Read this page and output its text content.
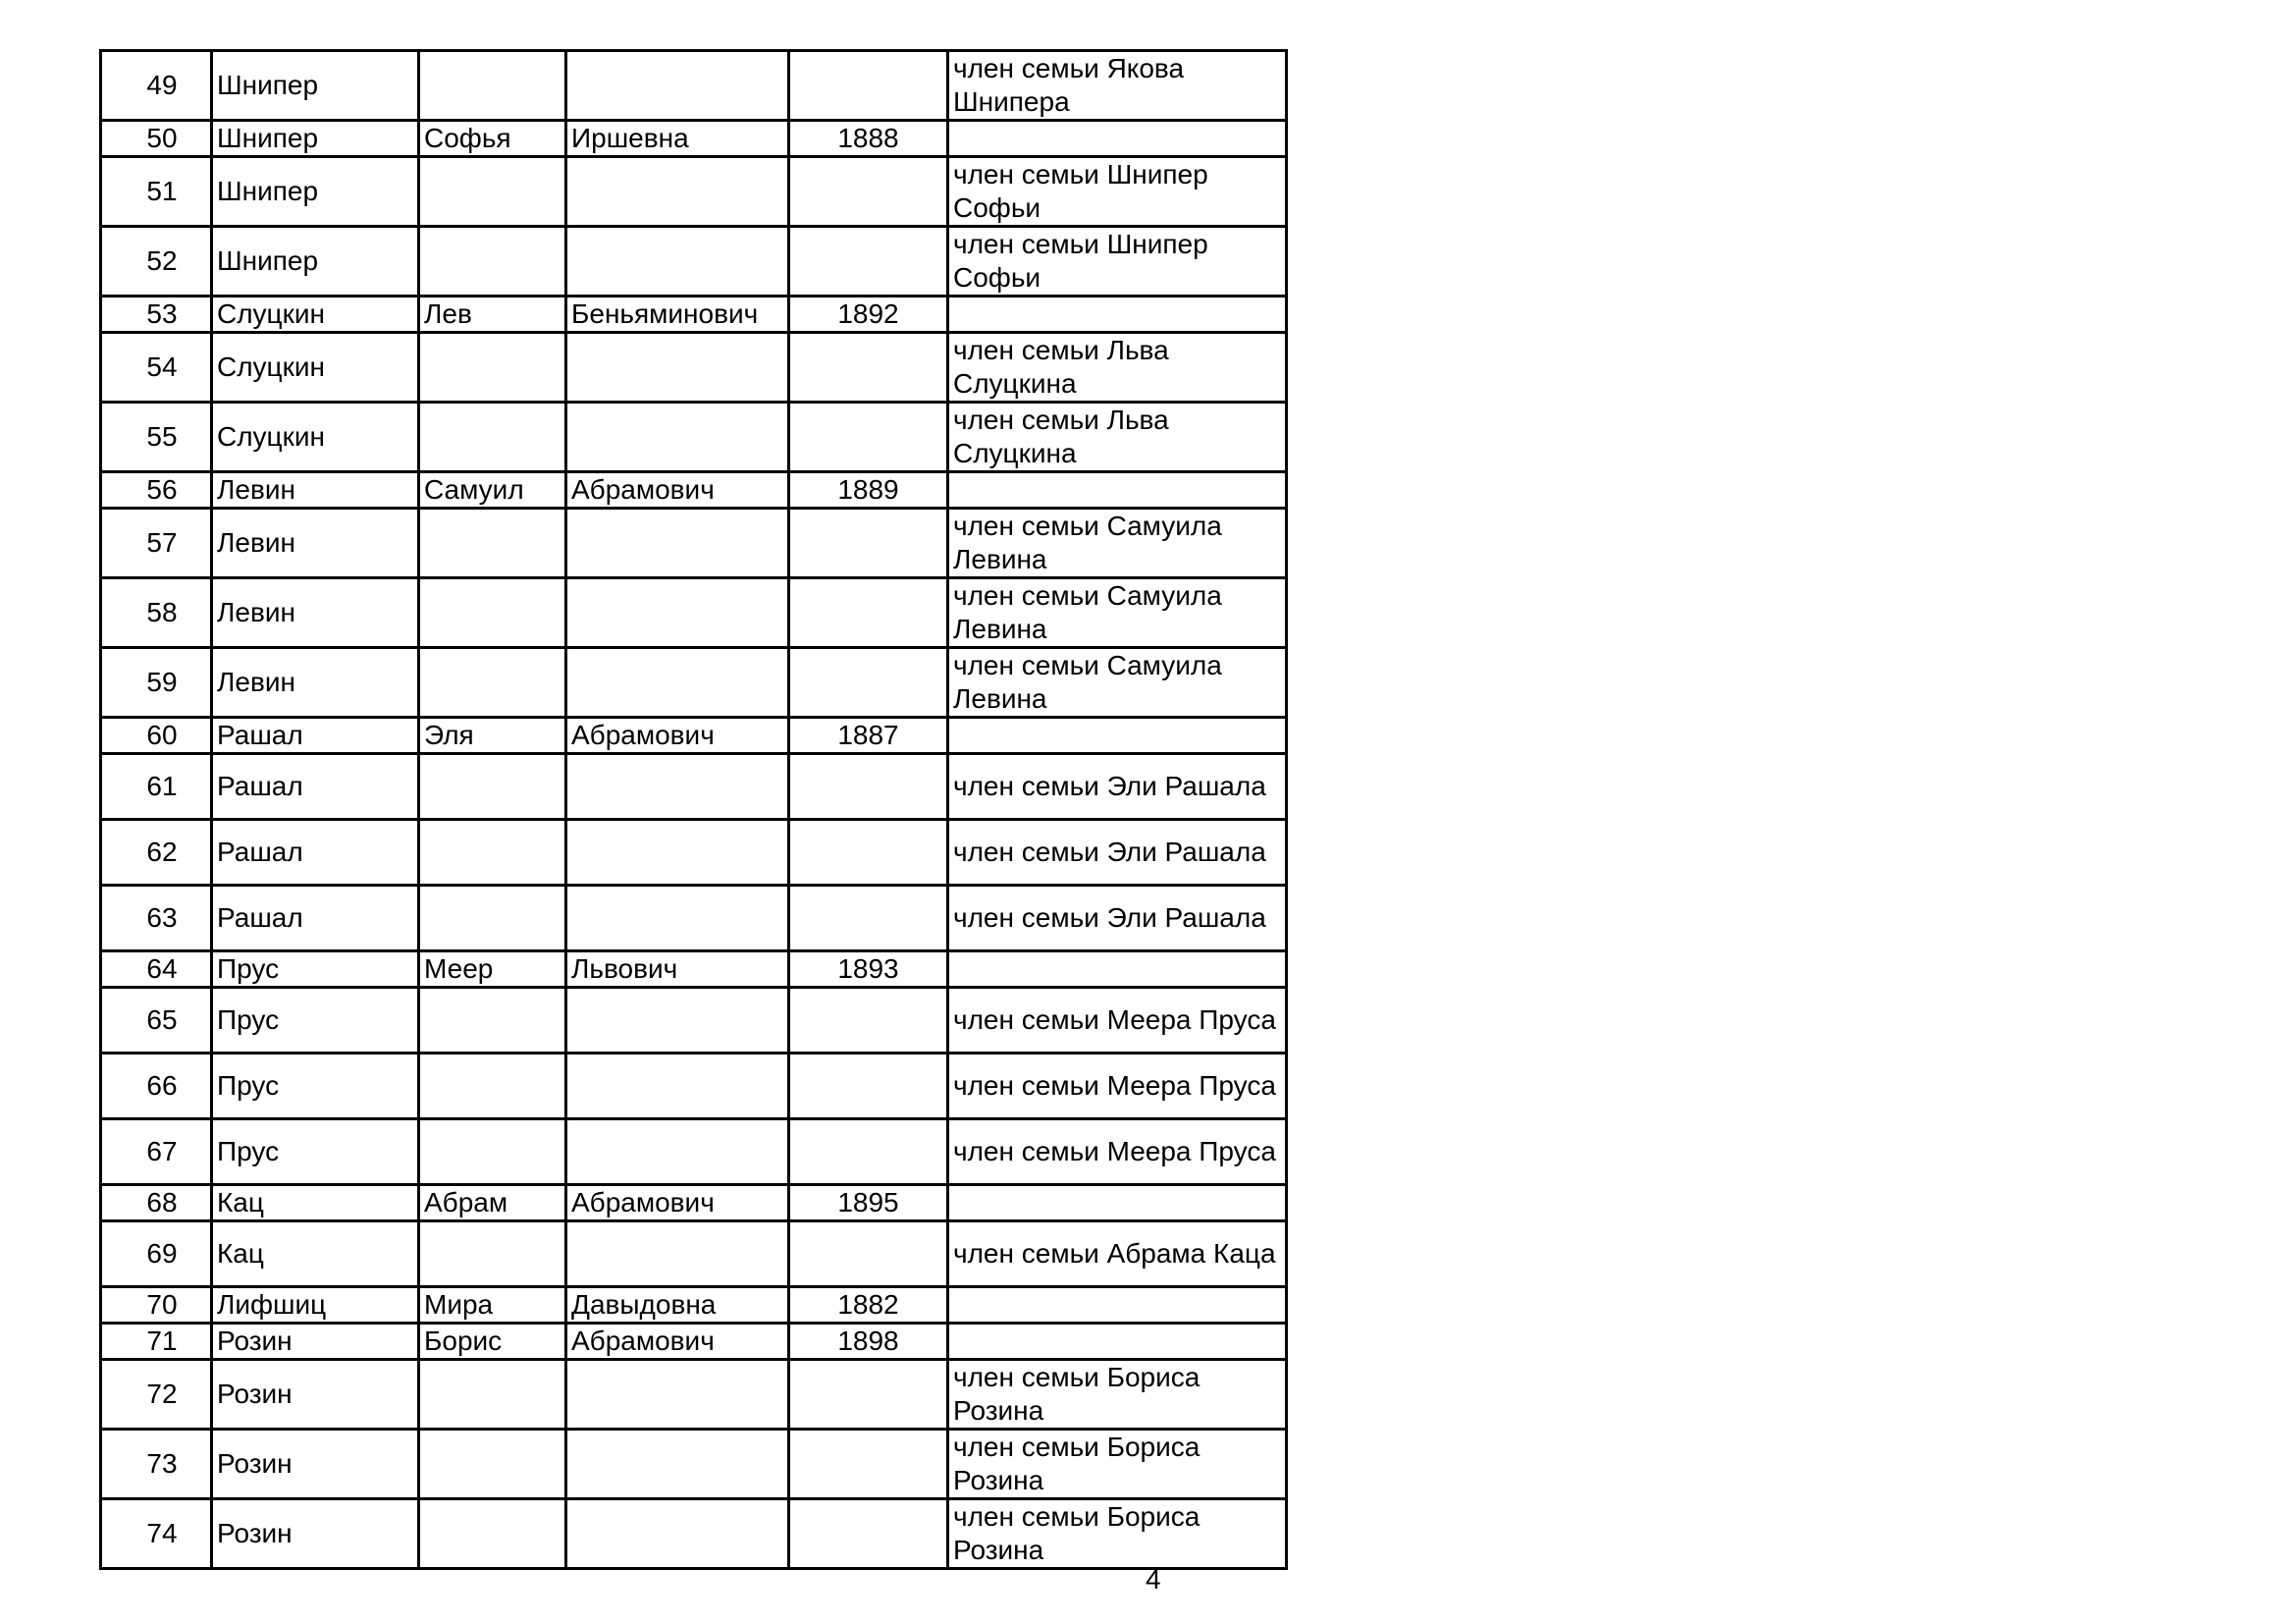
49	Шнипер				член семьи Якова Шнипера
50	Шнипер	Софья	Иршевна	1888	
51	Шнипер				член семьи Шнипер Софьи
52	Шнипер				член семьи Шнипер Софьи
53	Слуцкин	Лев	Беньяминович	1892	
54	Слуцкин				член семьи Льва Слуцкина
55	Слуцкин				член семьи Льва Слуцкина
56	Левин	Самуил	Абрамович	1889	
57	Левин				член семьи Самуила Левина
58	Левин				член семьи Самуила Левина
59	Левин				член семьи Самуила Левина
60	Рашал	Эля	Абрамович	1887	
61	Рашал				член семьи Эли Рашала
62	Рашал				член семьи Эли Рашала
63	Рашал				член семьи Эли Рашала
64	Прус	Меер	Львович	1893	
65	Прус				член семьи Меера Пруса
66	Прус				член семьи Меера Пруса
67	Прус				член семьи Меера Пруса
68	Кац	Абрам	Абрамович	1895	
69	Кац				член семьи Абрама Каца
70	Лифшиц	Мира	Давыдовна	1882	
71	Розин	Борис	Абрамович	1898	
72	Розин				член семьи Бориса Розина
73	Розин				член семьи Бориса Розина
74	Розин				член семьи Бориса Розина
4
